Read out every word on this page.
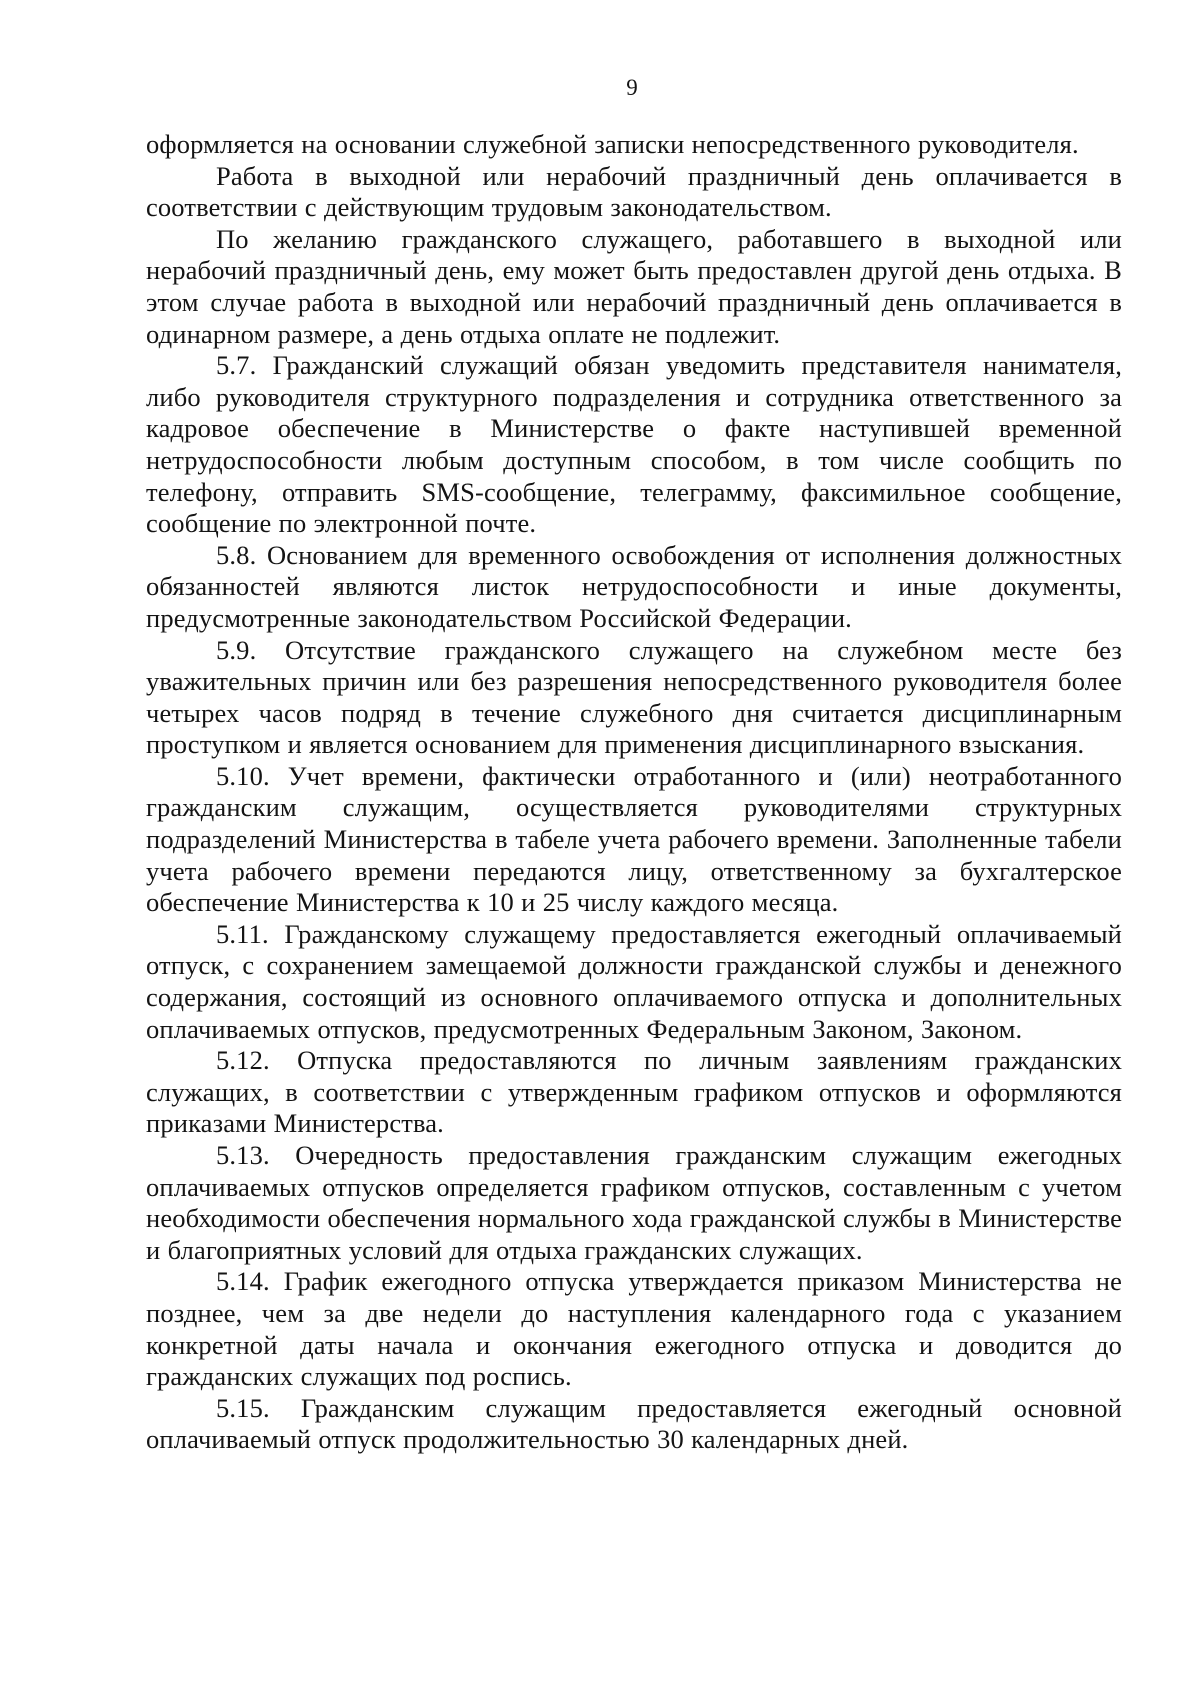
9

оформляется на основании служебной записки непосредственного руководителя.

Работа в выходной или нерабочий праздничный день оплачивается в соответствии с действующим трудовым законодательством.

По желанию гражданского служащего, работавшего в выходной или нерабочий праздничный день, ему может быть предоставлен другой день отдыха. В этом случае работа в выходной или нерабочий праздничный день оплачивается в одинарном размере, а день отдыха оплате не подлежит.

5.7. Гражданский служащий обязан уведомить представителя нанимателя, либо руководителя структурного подразделения и сотрудника ответственного за кадровое обеспечение в Министерстве о факте наступившей временной нетрудоспособности любым доступным способом, в том числе сообщить по телефону, отправить SMS-сообщение, телеграмму, факсимильное сообщение, сообщение по электронной почте.

5.8. Основанием для временного освобождения от исполнения должностных обязанностей являются листок нетрудоспособности и иные документы, предусмотренные законодательством Российской Федерации.

5.9. Отсутствие гражданского служащего на служебном месте без уважительных причин или без разрешения непосредственного руководителя более четырех часов подряд в течение служебного дня считается дисциплинарным проступком и является основанием для применения дисциплинарного взыскания.

5.10. Учет времени, фактически отработанного и (или) неотработанного гражданским служащим, осуществляется руководителями структурных подразделений Министерства в табеле учета рабочего времени. Заполненные табели учета рабочего времени передаются лицу, ответственному за бухгалтерское обеспечение Министерства к 10 и 25 числу каждого месяца.

5.11. Гражданскому служащему предоставляется ежегодный оплачиваемый отпуск, с сохранением замещаемой должности гражданской службы и денежного содержания, состоящий из основного оплачиваемого отпуска и дополнительных оплачиваемых отпусков, предусмотренных Федеральным Законом, Законом.

5.12. Отпуска предоставляются по личным заявлениям гражданских служащих, в соответствии с утвержденным графиком отпусков и оформляются приказами Министерства.

5.13. Очередность предоставления гражданским служащим ежегодных оплачиваемых отпусков определяется графиком отпусков, составленным с учетом необходимости обеспечения нормального хода гражданской службы в Министерстве и благоприятных условий для отдыха гражданских служащих.

5.14. График ежегодного отпуска утверждается приказом Министерства не позднее, чем за две недели до наступления календарного года с указанием конкретной даты начала и окончания ежегодного отпуска и доводится до гражданских служащих под роспись.

5.15. Гражданским служащим предоставляется ежегодный основной оплачиваемый отпуск продолжительностью 30 календарных дней.
